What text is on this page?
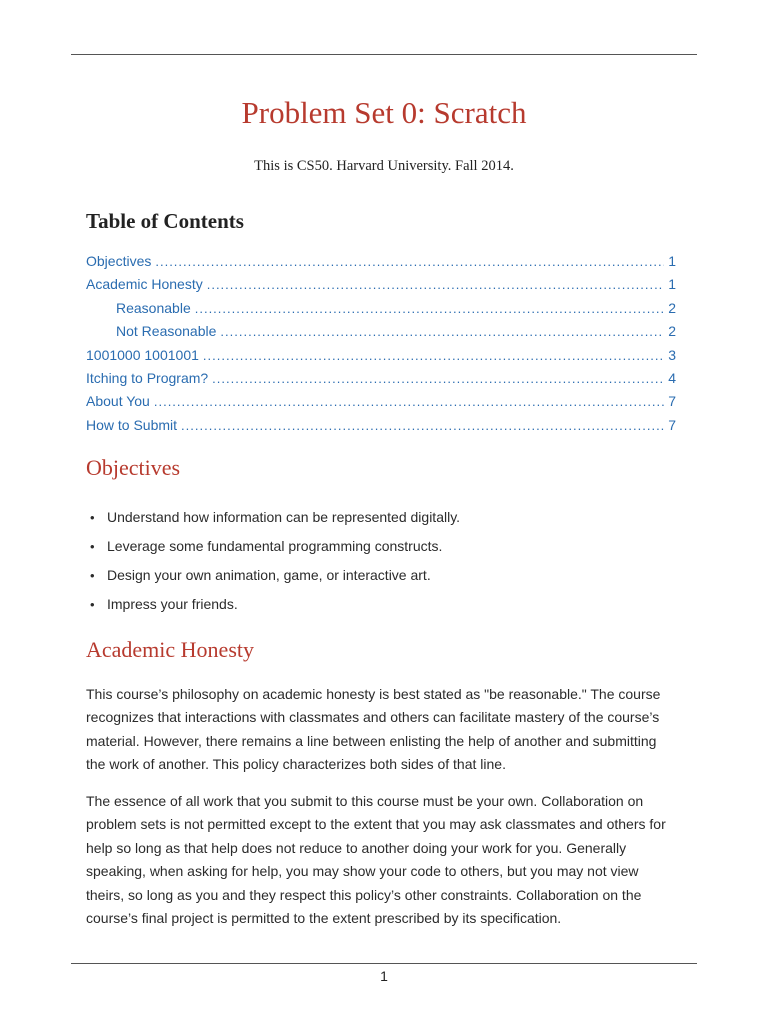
Problem Set 0: Scratch

This is CS50. Harvard University. Fall 2014.

Table of Contents
Objectives .....	1
Academic Honesty .....	1
Reasonable .....	2
Not Reasonable .....	2
1001000 1001001 .....	3
Itching to Program? .....	4
About You .....	7
How to Submit .....	7
Objectives
• Understand how information can be represented digitally.
• Leverage some fundamental programming constructs.
• Design your own animation, game, or interactive art.
• Impress your friends.
Academic Honesty

This course’s philosophy on academic honesty is best stated as "be reasonable." The course recognizes that interactions with classmates and others can facilitate mastery of the course’s material. However, there remains a line between enlisting the help of another and submitting the work of another. This policy characterizes both sides of that line.

The essence of all work that you submit to this course must be your own. Collaboration on problem sets is not permitted except to the extent that you may ask classmates and others for help so long as that help does not reduce to another doing your work for you. Generally speaking, when asking for help, you may show your code to others, but you may not view theirs, so long as you and they respect this policy’s other constraints. Collaboration on the course’s final project is permitted to the extent prescribed by its specification.

1
